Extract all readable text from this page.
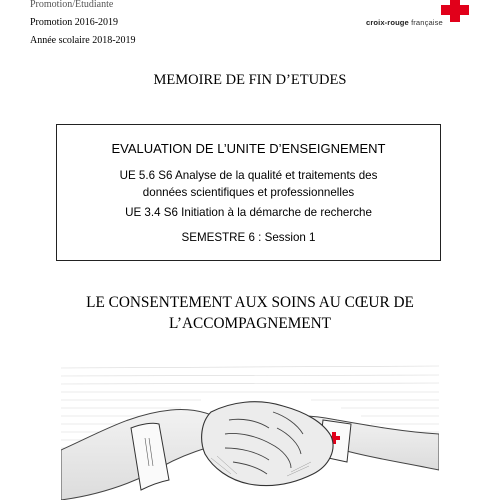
Promotion/Etudiante
Promotion 2016-2019
Année scolaire 2018-2019
croix-rouge française
MEMOIRE DE FIN D’ETUDES
EVALUATION DE L’UNITE D’ENSEIGNEMENT
UE 5.6 S6 Analyse de la qualité et traitements des
données scientifiques et professionnelles
UE 3.4 S6 Initiation à la démarche de recherche
SEMESTRE 6 : Session 1
LE CONSENTEMENT AUX SOINS AU CŒUR DE
L’ACCOMPAGNEMENT
